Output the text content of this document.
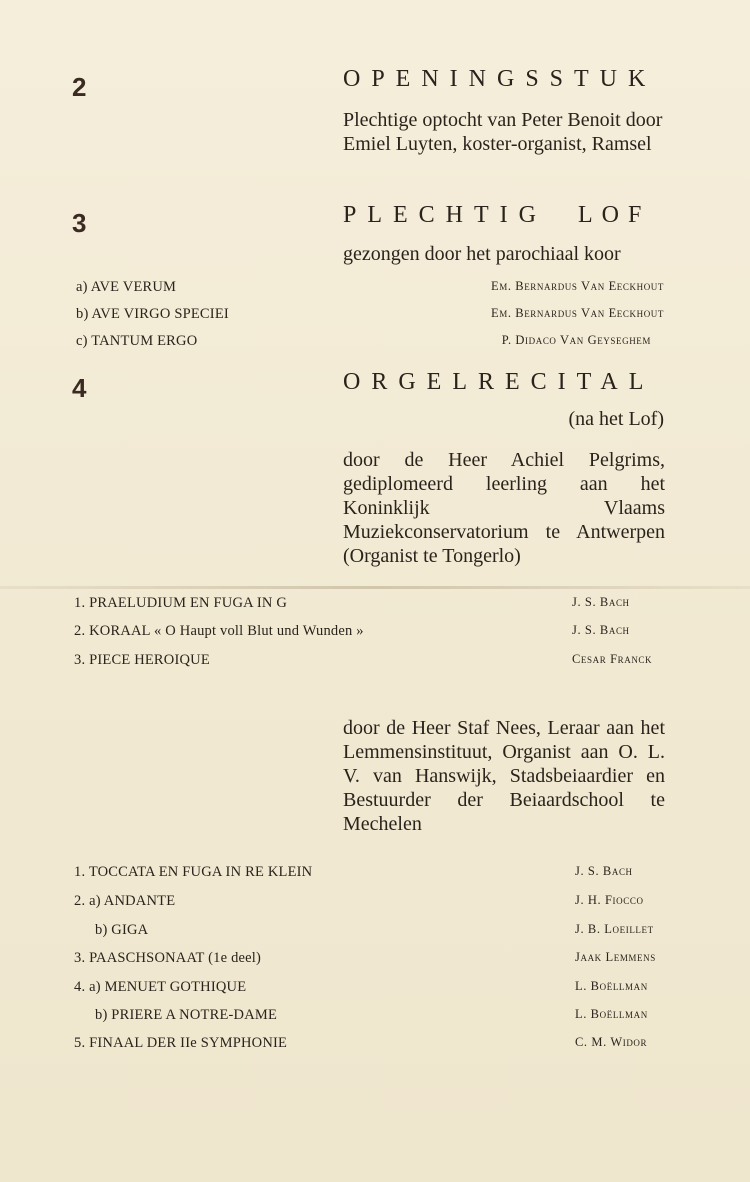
2	OPENINGSSTUK

Plechtige optocht van Peter Benoit door Emiel Luyten, koster-organist, Ramsel

3	PLECHTIG LOF
gezongen door het parochiaal koor
a) AVE VERUM	Em. Bernardus Van Eeckhout
b) AVE VIRGO SPECIEI	Em. Bernardus Van Eeckhout
c) TANTUM ERGO	P. Didaco Van Geyseghem
4	ORGELRECITAL
(na het Lof)

door de Heer Achiel Pelgrims, gediplomeerd leerling aan het Koninklijk Vlaams Muziekconservatorium te Antwerpen (Organist te Tongerlo)

1. PRAELUDIUM EN FUGA IN G	J. S. Bach
2. KORAAL « O Haupt voll Blut und Wunden »	J. S. Bach
3. PIECE HEROIQUE	Cesar Franck

door de Heer Staf Nees, Leraar aan het Lemmensinstituut, Organist aan O. L. V. van Hanswijk, Stadsbeiaardier en Bestuurder der Beiaardschool te Mechelen

1. TOCCATA EN FUGA IN RE KLEIN	J. S. Bach
2. a) ANDANTE	J. H. Fiocco
b) GIGA	J. B. Loeillet
3. PAASCHSONAAT (1e deel)	Jaak Lemmens
4. a) MENUET GOTHIQUE	L. Boëllman
b) PRIERE A NOTRE-DAME	L. Boëllman
5. FINAAL DER IIe SYMPHONIE	C. M. Widor
